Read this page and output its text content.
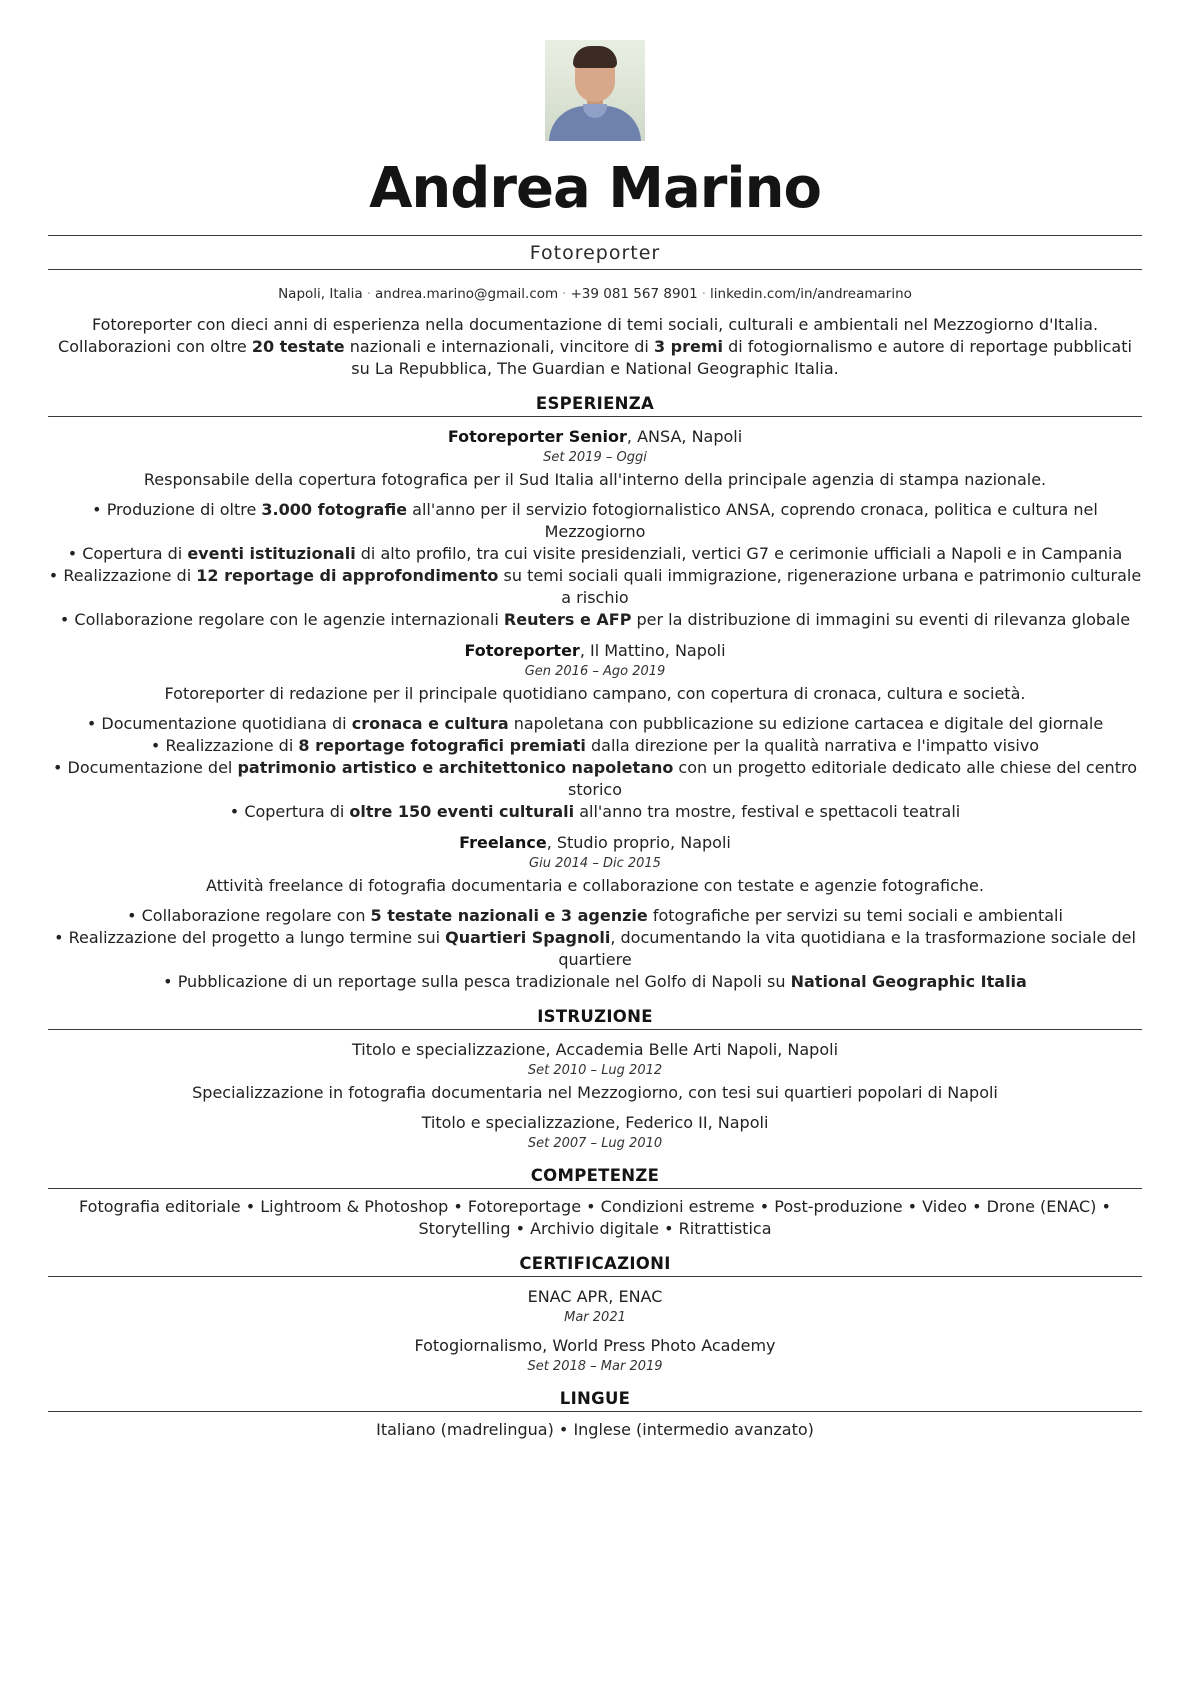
Andrea Marino
Fotoreporter
Napoli, Italia · andrea.marino@gmail.com · +39 081 567 8901 · linkedin.com/in/andreamarino
Fotoreporter con dieci anni di esperienza nella documentazione di temi sociali, culturali e ambientali nel Mezzogiorno d'Italia. Collaborazioni con oltre 20 testate nazionali e internazionali, vincitore di 3 premi di fotogiornalismo e autore di reportage pubblicati su La Repubblica, The Guardian e National Geographic Italia.
ESPERIENZA
Fotoreporter Senior, ANSA, Napoli
Set 2019 – Oggi
Responsabile della copertura fotografica per il Sud Italia all'interno della principale agenzia di stampa nazionale.
• Produzione di oltre 3.000 fotografie all'anno per il servizio fotogiornalistico ANSA, coprendo cronaca, politica e cultura nel Mezzogiorno
• Copertura di eventi istituzionali di alto profilo, tra cui visite presidenziali, vertici G7 e cerimonie ufficiali a Napoli e in Campania
• Realizzazione di 12 reportage di approfondimento su temi sociali quali immigrazione, rigenerazione urbana e patrimonio culturale a rischio
• Collaborazione regolare con le agenzie internazionali Reuters e AFP per la distribuzione di immagini su eventi di rilevanza globale
Fotoreporter, Il Mattino, Napoli
Gen 2016 – Ago 2019
Fotoreporter di redazione per il principale quotidiano campano, con copertura di cronaca, cultura e società.
• Documentazione quotidiana di cronaca e cultura napoletana con pubblicazione su edizione cartacea e digitale del giornale
• Realizzazione di 8 reportage fotografici premiati dalla direzione per la qualità narrativa e l'impatto visivo
• Documentazione del patrimonio artistico e architettonico napoletano con un progetto editoriale dedicato alle chiese del centro storico
• Copertura di oltre 150 eventi culturali all'anno tra mostre, festival e spettacoli teatrali
Freelance, Studio proprio, Napoli
Giu 2014 – Dic 2015
Attività freelance di fotografia documentaria e collaborazione con testate e agenzie fotografiche.
• Collaborazione regolare con 5 testate nazionali e 3 agenzie fotografiche per servizi su temi sociali e ambientali
• Realizzazione del progetto a lungo termine sui Quartieri Spagnoli, documentando la vita quotidiana e la trasformazione sociale del quartiere
• Pubblicazione di un reportage sulla pesca tradizionale nel Golfo di Napoli su National Geographic Italia
ISTRUZIONE
Titolo e specializzazione, Accademia Belle Arti Napoli, Napoli
Set 2010 – Lug 2012
Specializzazione in fotografia documentaria nel Mezzogiorno, con tesi sui quartieri popolari di Napoli
Titolo e specializzazione, Federico II, Napoli
Set 2007 – Lug 2010
COMPETENZE
Fotografia editoriale • Lightroom & Photoshop • Fotoreportage • Condizioni estreme • Post-produzione • Video • Drone (ENAC) • Storytelling • Archivio digitale • Ritrattistica
CERTIFICAZIONI
ENAC APR, ENAC
Mar 2021
Fotogiornalismo, World Press Photo Academy
Set 2018 – Mar 2019
LINGUE
Italiano (madrelingua) • Inglese (intermedio avanzato)
